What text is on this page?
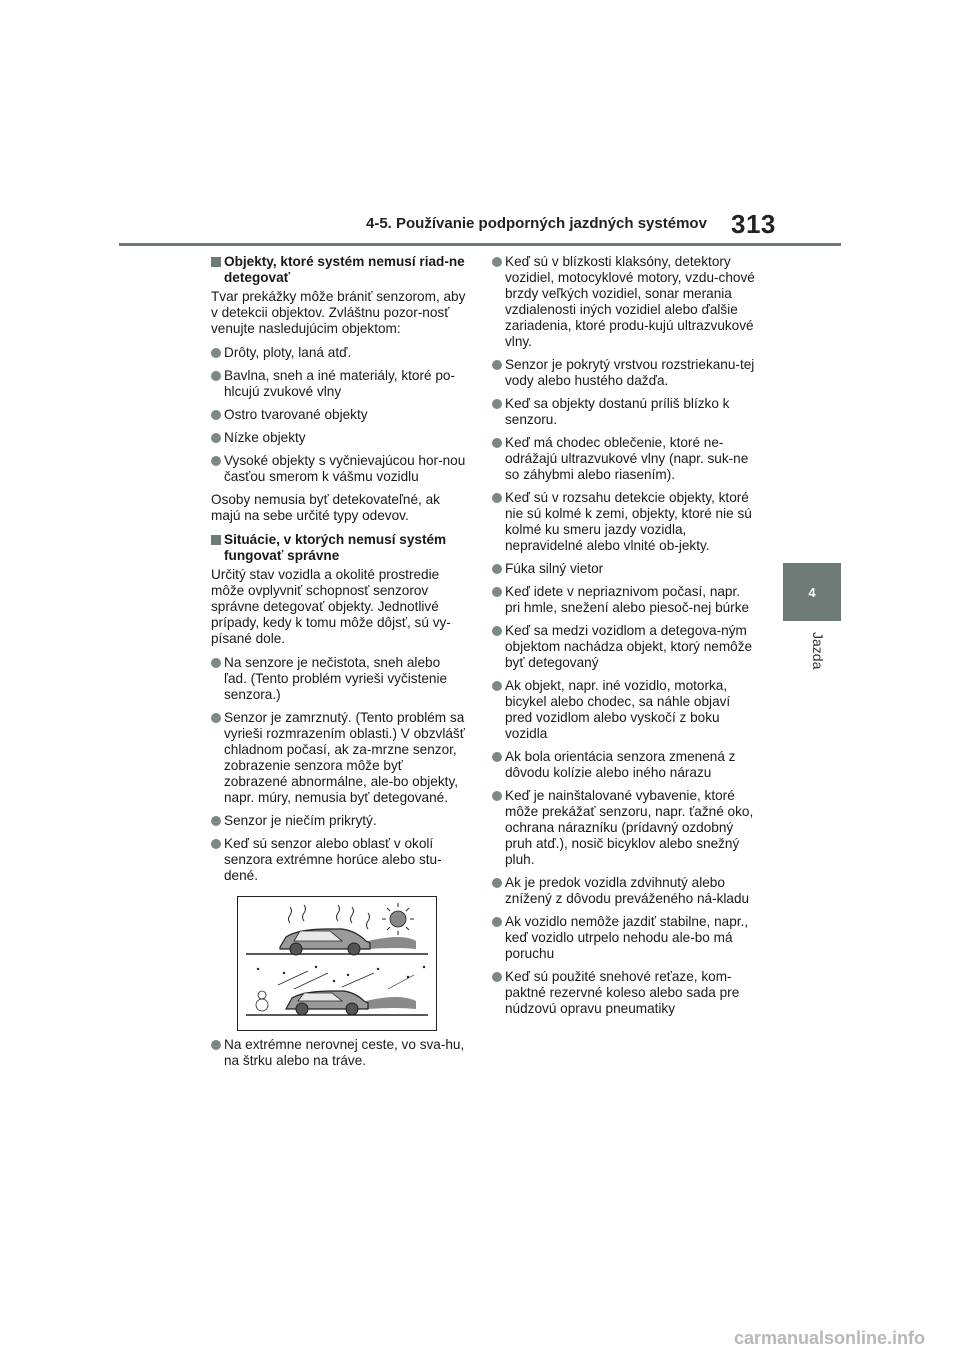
4-5. Používanie podporných jazdných systémov 313
4
Jazda
Objekty, ktoré systém nemusí riad-ne detegovať

Tvar prekážky môže brániť senzorom, aby v detekcii objektov. Zvláštnu pozor-nosť venujte nasledujúcim objektom:

Drôty, ploty, laná atď.
Bavlna, sneh a iné materiály, ktoré po-hlcujú zvukové vlny
Ostro tvarované objekty
Nízke objekty
Vysoké objekty s vyčnievajúcou hor-nou časťou smerom k vášmu vozidlu

Osoby nemusia byť detekovateľné, ak majú na sebe určité typy odevov.

Situácie, v ktorých nemusí systém fungovať správne

Určitý stav vozidla a okolité prostredie môže ovplyvniť schopnosť senzorov správne detegovať objekty. Jednotlivé prípady, kedy k tomu môže dôjsť, sú vy-písané dole.

Na senzore je nečistota, sneh alebo ľad. (Tento problém vyrieši vyčistenie senzora.)
Senzor je zamrznutý. (Tento problém sa vyrieši rozmrazením oblasti.) V obzvlášť chladnom počasí, ak za-mrzne senzor, zobrazenie senzora môže byť zobrazené abnormálne, ale-bo objekty, napr. múry, nemusia byť detegované.
Senzor je niečím prikrytý.
Keď sú senzor alebo oblasť v okolí senzora extrémne horúce alebo stu-dené.
Na extrémne nerovnej ceste, vo sva-hu, na štrku alebo na tráve.
Keď sú v blízkosti klaksóny, detektory vozidiel, motocyklové motory, vzdu-chové brzdy veľkých vozidiel, sonar merania vzdialenosti iných vozidiel alebo ďalšie zariadenia, ktoré produ-kujú ultrazvukové vlny.
Senzor je pokrytý vrstvou rozstriekanu-tej vody alebo hustého dažďa.
Keď sa objekty dostanú príliš blízko k senzoru.
Keď má chodec oblečenie, ktoré ne-odrážajú ultrazvukové vlny (napr. suk-ne so záhybmi alebo riasením).
Keď sú v rozsahu detekcie objekty, ktoré nie sú kolmé k zemi, objekty, ktoré nie sú kolmé ku smeru jazdy vozidla, nepravidelné alebo vlnité ob-jekty.
Fúka silný vietor
Keď idete v nepriaznivom počasí, napr. pri hmle, snežení alebo piesoč-nej búrke
Keď sa medzi vozidlom a detegova-ným objektom nachádza objekt, ktorý nemôže byť detegovaný
Ak objekt, napr. iné vozidlo, motorka, bicykel alebo chodec, sa náhle objaví pred vozidlom alebo vyskočí z boku vozidla
Ak bola orientácia senzora zmenená z dôvodu kolízie alebo iného nárazu
Keď je nainštalované vybavenie, ktoré môže prekážať senzoru, napr. ťažné oko, ochrana nárazníku (prídavný ozdobný pruh atď.), nosič bicyklov alebo snežný pluh.
Ak je predok vozidla zdvihnutý alebo znížený z dôvodu preváženého ná-kladu
Ak vozidlo nemôže jazdiť stabilne, napr., keď vozidlo utrpelo nehodu ale-bo má poruchu
Keď sú použité snehové reťaze, kom-paktné rezervné koleso alebo sada pre núdzovú opravu pneumatiky
carmanualsonline.info
